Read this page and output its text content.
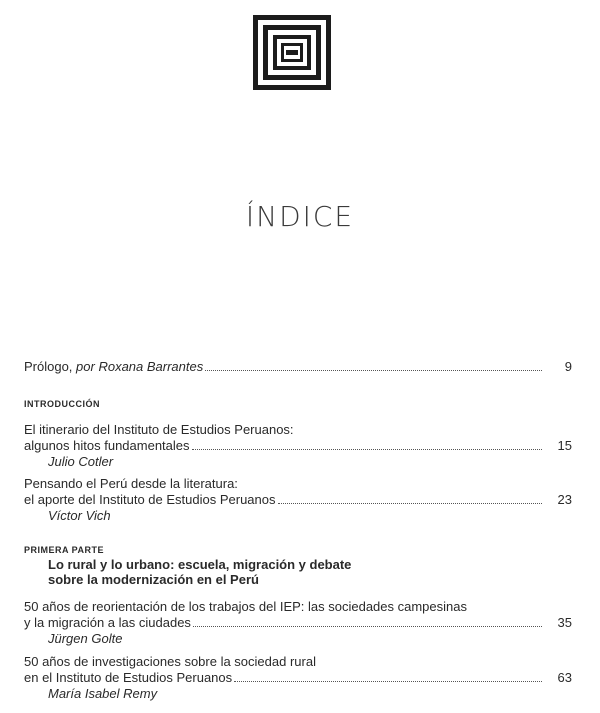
ÍNDICE
Prólogo, por Roxana Barrantes	9
INTRODUCCIÓN
El itinerario del Instituto de Estudios Peruanos:
algunos hitos fundamentales	15
Julio Cotler
Pensando el Perú desde la literatura:
el aporte del Instituto de Estudios Peruanos	23
Víctor Vich
PRIMERA PARTE
Lo rural y lo urbano: escuela, migración y debate
sobre la modernización en el Perú
50 años de reorientación de los trabajos del IEP: las sociedades campesinas
y la migración a las ciudades	35
Jürgen Golte
50 años de investigaciones sobre la sociedad rural
en el Instituto de Estudios Peruanos	63
María Isabel Remy
